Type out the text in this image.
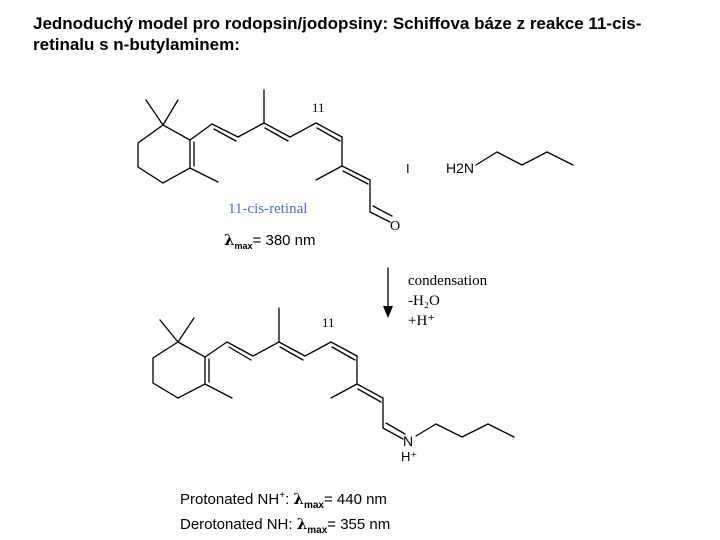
Jednoduchý model pro rodopsin/jodopsiny: Schiffova báze z reakce 11-cis-retinalu s n-butylaminem:
11
I	H2N
11-cis-retinal
O
$\lambda_{max}= 380$ nm
condensation
-H₂O
+H⁺
11
N
H⁺
Protonated NH+: $\lambda_{max}= 440$ nm
Derotonated NH: $\lambda_{max}= 355$ nm
